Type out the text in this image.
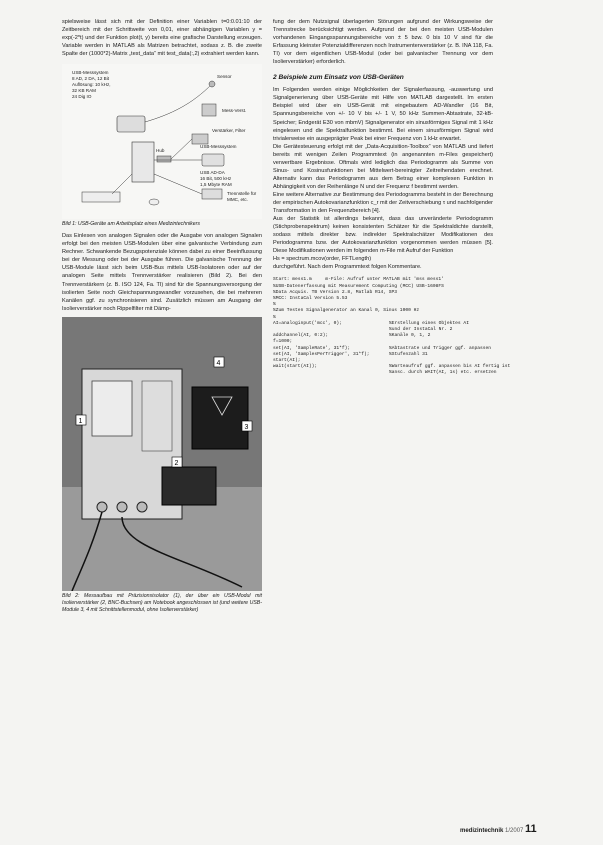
spielsweise lässt sich mit der Definition einer Variablen t=0:0.01:10 der Zeitbereich mit der Schrittweite von 0,01, einer abhängigen Variablen y = exp(-2*t) und der Funktion plot(t, y) bereits eine grafische Darstellung erzeugen. Variable werden in MATLAB als Matrizen betrachtet, sodass z. B. die zweite Spalte der (1000*2)-Matrix „test_data“ mit test_data(:,2) extrahiert werden kann.

USB-Messsystem
8 AD, 2 DA, 12 Bit
Auflösung: 10 kHz,
32 KB RAM
24 Dig IO
Sensor
Mess-Verst.
Verstärker, Filter
USB-Messsystem
USB AD-DA
16 Bit, 500 kHz
1,5 Mbyte RAM
Hub
Trennstelle für
MMC, etc.

Bild 1: USB-Geräte am Arbeitsplatz eines Medizintechnikers

Das Einlesen von analogen Signalen oder die Ausgabe von analogen Signalen erfolgt bei den meisten USB-Modulen über eine galvanische Verbindung zum Rechner. Schwankende Bezugspotenziale können dabei zu einer Beeinflussung bei der Messung oder bei der Ausgabe führen. Die galvanische Trennung der USB-Module lässt sich beim USB-Bus mittels USB-Isolatoren oder auf der analogen Seite mittels Trennverstärker realisieren (Bild 2). Bei den Trennverstärkern (z. B. ISO 124, Fa. TI) sind für die Spannungsversorgung der isolierten Seite noch Gleichspannungswandler vorzusehen, die bei mehreren Kanälen ggf. zu synchronisieren sind. Zusätzlich müssen am Ausgang der Isolierverstärker noch Rippelfilter mit Dämp-

4
1
3
2

Bild 2: Messaufbau mit Präzisionsisolator (1), der über ein USB-Modul mit Isolierverstärker (2, BNC-Buchsen) am Notebook angeschlossen ist (und weitere USB-Module 3, 4 mit Schnittstellenmodul, ohne Isolierverstärker)

fung der dem Nutzsignal überlagerten Störungen aufgrund der Wirkungsweise der Trennstrecke berücksichtigt werden. Aufgrund der bei den meisten USB-Modulen vorhandenen Eingangsspannungsbereiche von ± 5 bzw. 0 bis 10 V sind für die Erfassung kleinster Potenzialdifferenzen noch Instrumentenverstärker (z. B. INA 118, Fa. TI) vor dem eigentlichen USB-Modul (oder bei galvanischer Trennung vor dem Isolierverstärker) erforderlich.

2 Beispiele zum Einsatz von USB-Geräten

Im Folgenden werden einige Möglichkeiten der Signalerfassung, -auswertung und Signalgenerierung über USB-Geräte mit Hilfe von MATLAB dargestellt. Im ersten Beispiel wird über ein USB-Gerät mit eingebautem AD-Wandler (16 Bit, Spannungsbereiche von +/- 10 V bis +/- 1 V, 50 kHz Summen-Abtastrate, 32-kB-Speicher; Endgerät E30 von mbmV) Signalgenerator ein sinusförmiges Signal mit 1 kHz eingelesen und die Spektralfunktion bestimmt. Bei einem sinusförmigen Signal wird trivialerweise ein ausgeprägter Peak bei einer Frequenz von 1 kHz erwartet.

Die Gerätesteuerung erfolgt mit der „Data-Acquisition-Toolbox“ von MATLAB und liefert bereits mit wenigen Zeilen Programmtext (in angenannten m-Files gespeichert) verwertbare Ergebnisse. Oftmals wird lediglich das Periodogramm als Summe von Sinus- und Kosinusfunktionen bei Mittelwert-bereinigter Zeitreihendaten erechnet. Alternativ kann das Periodogramm aus dem Betrag einer komplexen Funktion in Abhängigkeit von der Reihenlänge N und der Frequenz f bestimmt werden.

Eine weitere Alternative zur Bestimmung des Periodogramms besteht in der Berechnung der empirischen Autokovarianzfunktion c_r mit der Zeitverschiebung τ und nachfolgender Transformation in den Frequenzbereich [4].

Aus der Statistik ist allerdings bekannt, dass das unveränderte Periodogramm (Stichprobenspektrum) keinen konsistenten Schätzer für die Spektraldichte darstellt, sodass mittels direkter bzw. indirekter Spektralschätzer Modifikationen des Periodogramms bzw. der Autokovarianzfunktion vorgenommen werden müssen [5]. Diese Modifikationen werden im folgenden m-File mit Aufruf der Funktion

Hs = spectrum.mcov(order, FFTLength)

durchgeführt. Nach dem Programmtext folgen Kommentare.

Start: mess1.m     m-File: Aufruf unter MATLAB mit 'mss mess1'
%USB-Datenerfassung mit Measurement Computing (MCC) USB-1608FS
%Data Acquis. TB Version 2.8, Matlab R14, SP3
%MCC: InstaCal Version 5.53
%
%Zum Testen Signalgenerator an Kanal 0, Sinus 1000 Hz
%
AI=analoginput('mcc', 0);	%Erstellung eines Objektes AI
%und der InstaCal Nr. 2
addchannel(AI, 0:2);	%Kanäle 0, 1, 2
f=1000;
set(AI, 'SampleRate', 31*f);	%Abtastrate und Trigger ggf. anpassen
set(AI, 'SamplesPerTrigger', 31*f);	%Stufenzahl 31
start(AI);
wait(start(AI));	%Warteaufruf ggf. anpassen bis AI fertig ist
%ansc. durch WAIT(AI, 1s) etc. ersetzen
medizintechnik 1/2007 11
